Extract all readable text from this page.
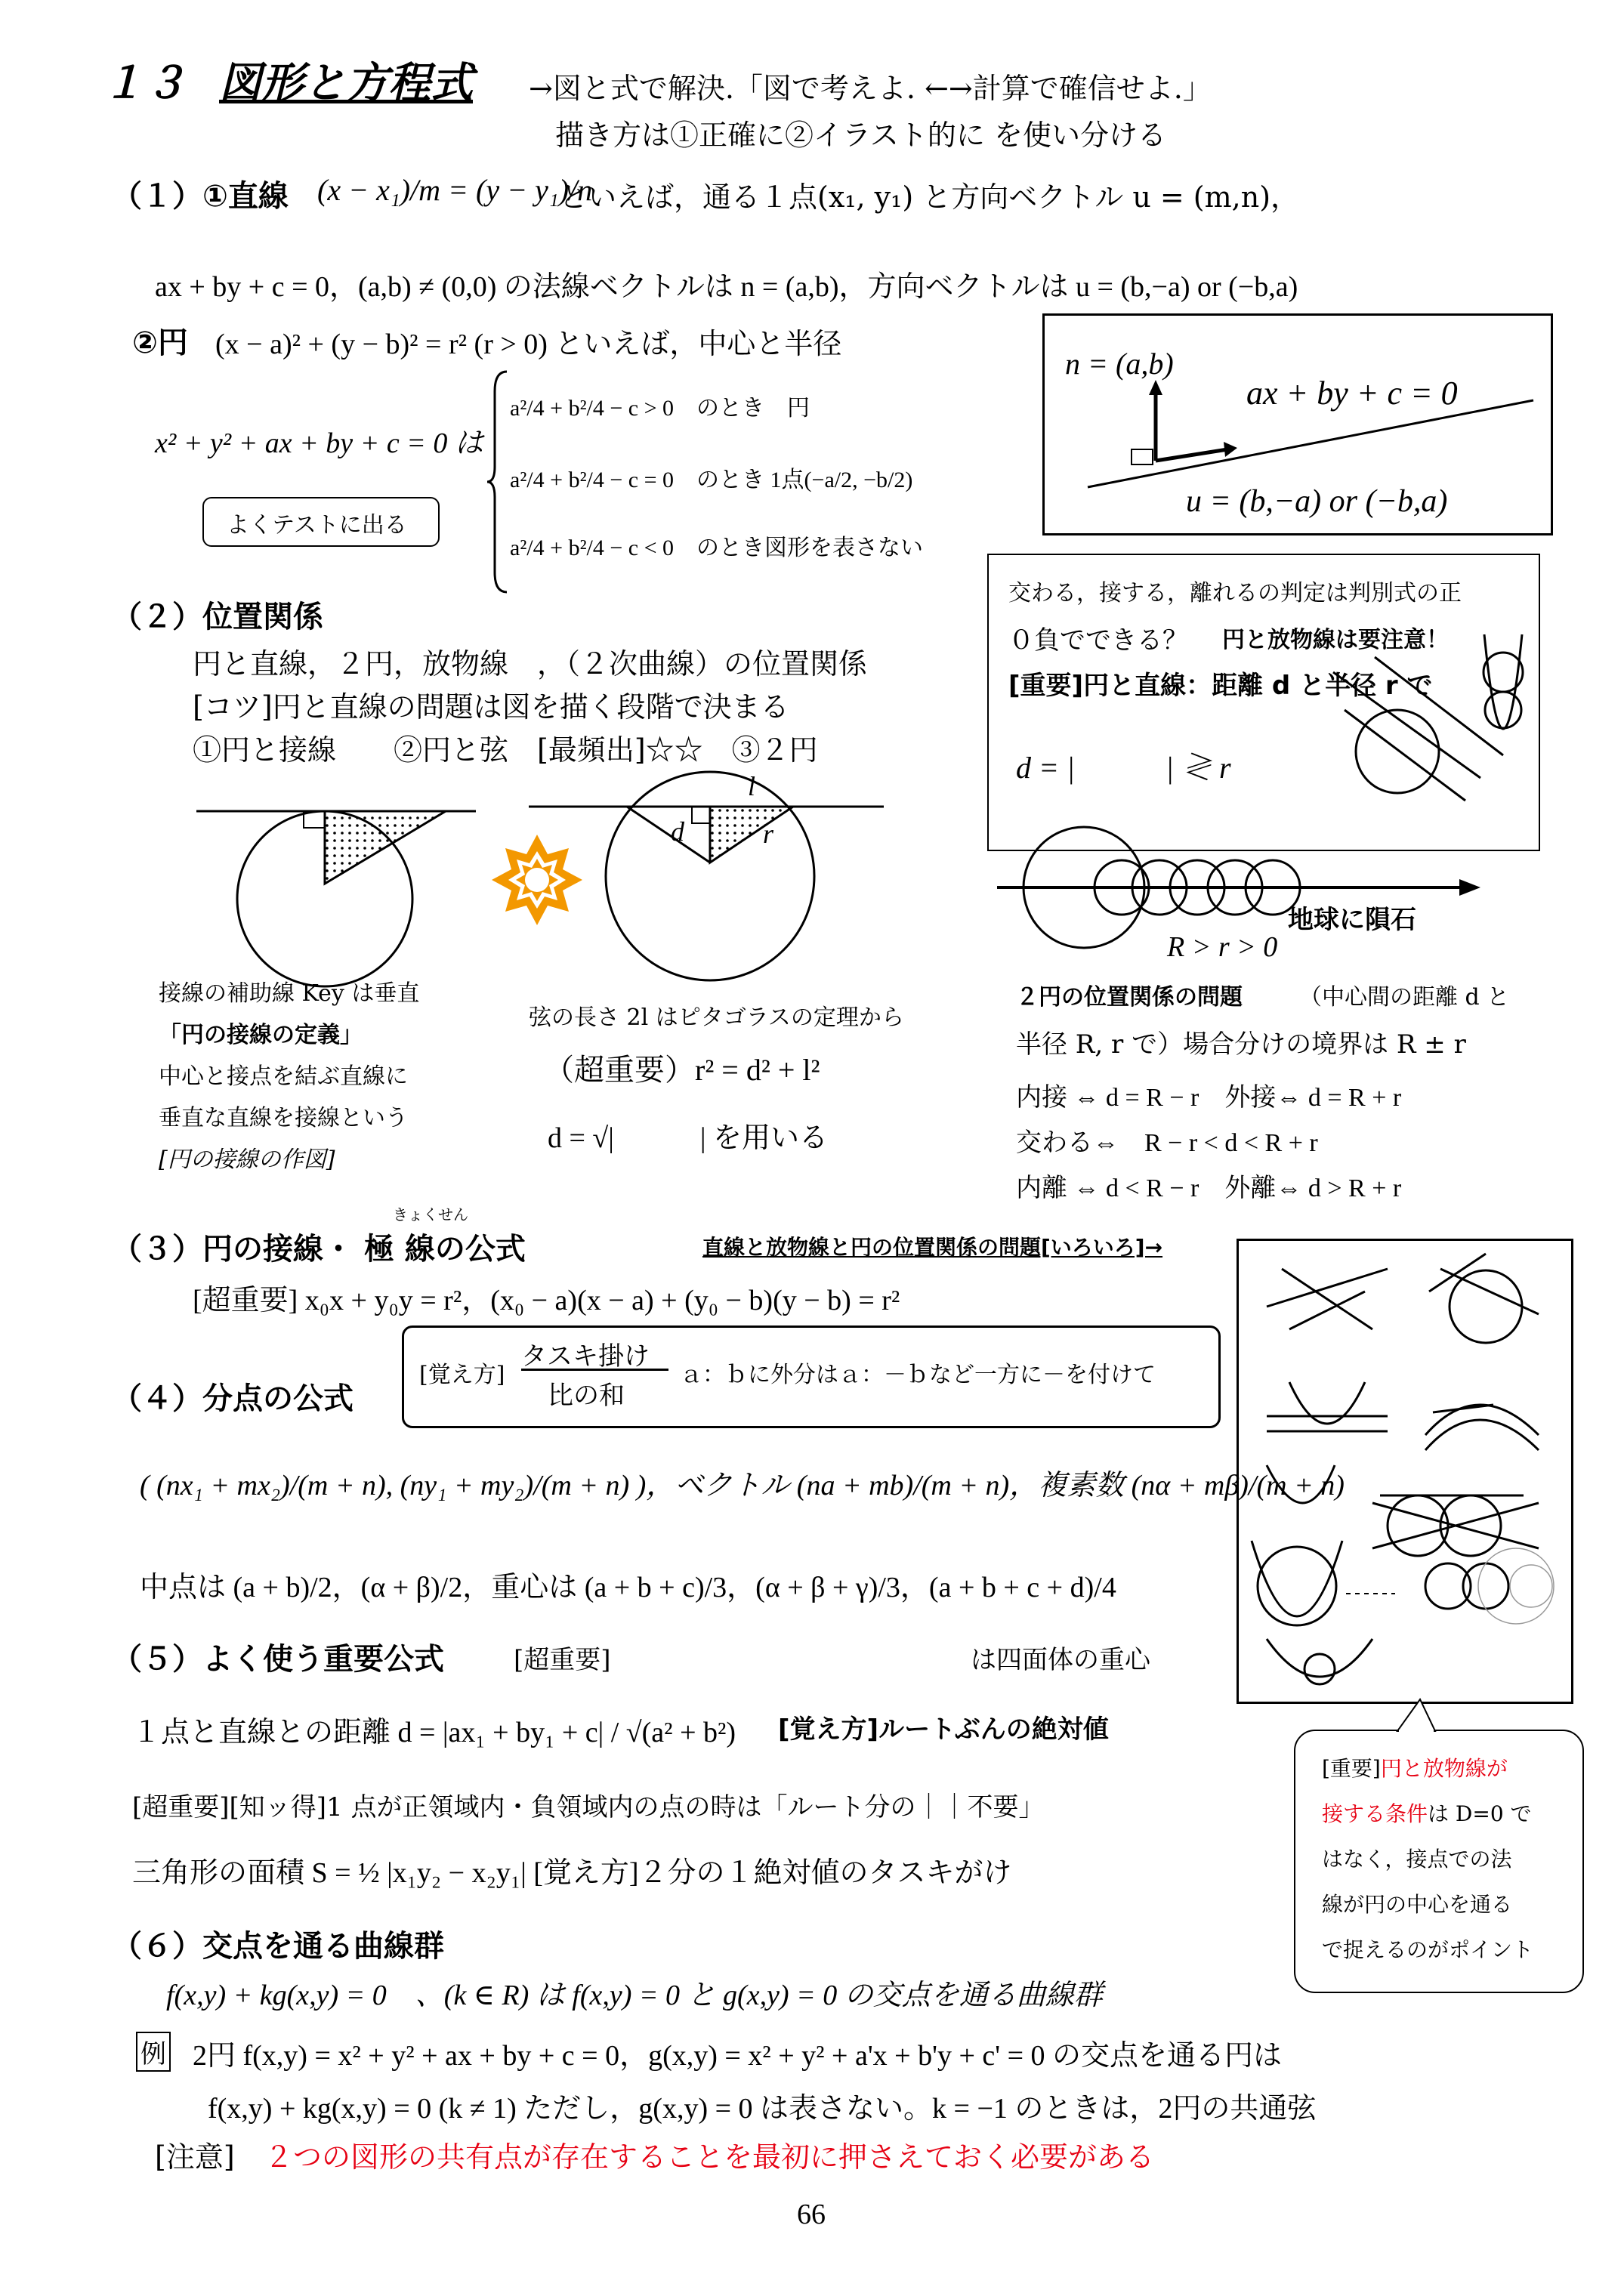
１３ 図形と方程式 →図と式で解決.「図で考えよ. ←→計算で確信せよ.」
描き方は①正確に②イラスト的に を使い分ける
（１）①直線 (x − x₁)/m = (y − y₁)/n
といえば，通る１点(x₁, y₁) と方向ベクトル u = (m,n)，
ax + by + c = 0，(a,b) ≠ (0,0) の法線ベクトルは n = (a,b)，方向ベクトルは u = (b,−a) or (−b,a)
②円 (x − a)² + (y − b)² = r² (r > 0) といえば，中心と半径
x² + y² + ax + by + c = 0 は
a²/4 + b²/4 − c > 0　のとき　円
a²/4 + b²/4 − c = 0　のとき 1点(−a/2, −b/2)
a²/4 + b²/4 − c < 0　のとき図形を表さない
よくテストに出る
n = (a,b)
ax + by + c = 0
u = (b,−a) or (−b,a)
（２）位置関係
円と直線，２円，放物線　，（２次曲線）の位置関係
[コツ]円と直線の問題は図を描く段階で決まる
①円と接線　　②円と弦　[最頻出]☆☆　③２円
l
d	r
接線の補助線 Key は垂直
「円の接線の定義」
中心と接点を結ぶ直線に
垂直な直線を接線という
[円の接線の作図]
弦の長さ 2l はピタゴラスの定理から
（超重要）r² = d² + l²
d = √|　　　| を用いる
交わる，接する，離れるの判定は判別式の正
０負でできる？ 円と放物線は要注意！
[重要]円と直線：距離 d と半径 r で
d = |　　　| ≷ r
地球に隕石
R > r > 0
２円の位置関係の問題	（中心間の距離 d と
半径 R, r で）場合分けの境界は R ± r
内接 ⇔ d = R − r　外接⇔ d = R + r
交わる⇔　R − r < d < R + r
内離 ⇔ d < R − r　外離⇔ d > R + r
きょくせん
（３）円の接線・ 極 線の公式	直線と放物線と円の位置関係の問題[いろいろ]→
[超重要] x₀x + y₀y = r²，(x₀ − a)(x − a) + (y₀ − b)(y − b) = r²
（４）分点の公式
[覚え方]
タスキ掛け
比の和
ａ：ｂに外分はａ：－ｂなど一方に－を付けて
( (nx₁ + mx₂)/(m + n), (ny₁ + my₂)/(m + n) )，ベクトル (na + mb)/(m + n)，複素数 (nα + mβ)/(m + n)
中点は (a + b)/2，(α + β)/2，重心は (a + b + c)/3，(α + β + γ)/3，(a + b + c + d)/4
は四面体の重心
（５）よく使う重要公式	[超重要]
１点と直線との距離 d = |ax₁ + by₁ + c| / √(a² + b²) [覚え方]ルートぶんの絶対値
[超重要][知ッ得]1 点が正領域内・負領域内の点の時は「ルート分の｜｜不要」
三角形の面積 S = ½ |x₁y₂ − x₂y₁| [覚え方]２分の１絶対値のタスキがけ
[重要]円と放物線が
接する条件は D=0 で
はなく，接点での法
線が円の中心を通る
で捉えるのがポイント
（６）交点を通る曲線群
f(x,y) + kg(x,y) = 0　、(k ∈ R) は f(x,y) = 0 と g(x,y) = 0 の交点を通る曲線群
例 2円 f(x,y) = x² + y² + ax + by + c = 0，g(x,y) = x² + y² + a'x + b'y + c' = 0 の交点を通る円は
f(x,y) + kg(x,y) = 0 (k ≠ 1) ただし，g(x,y) = 0 は表さない。k = −1 のときは，2円の共通弦
[注意] ２つの図形の共有点が存在することを最初に押さえておく必要がある
66
